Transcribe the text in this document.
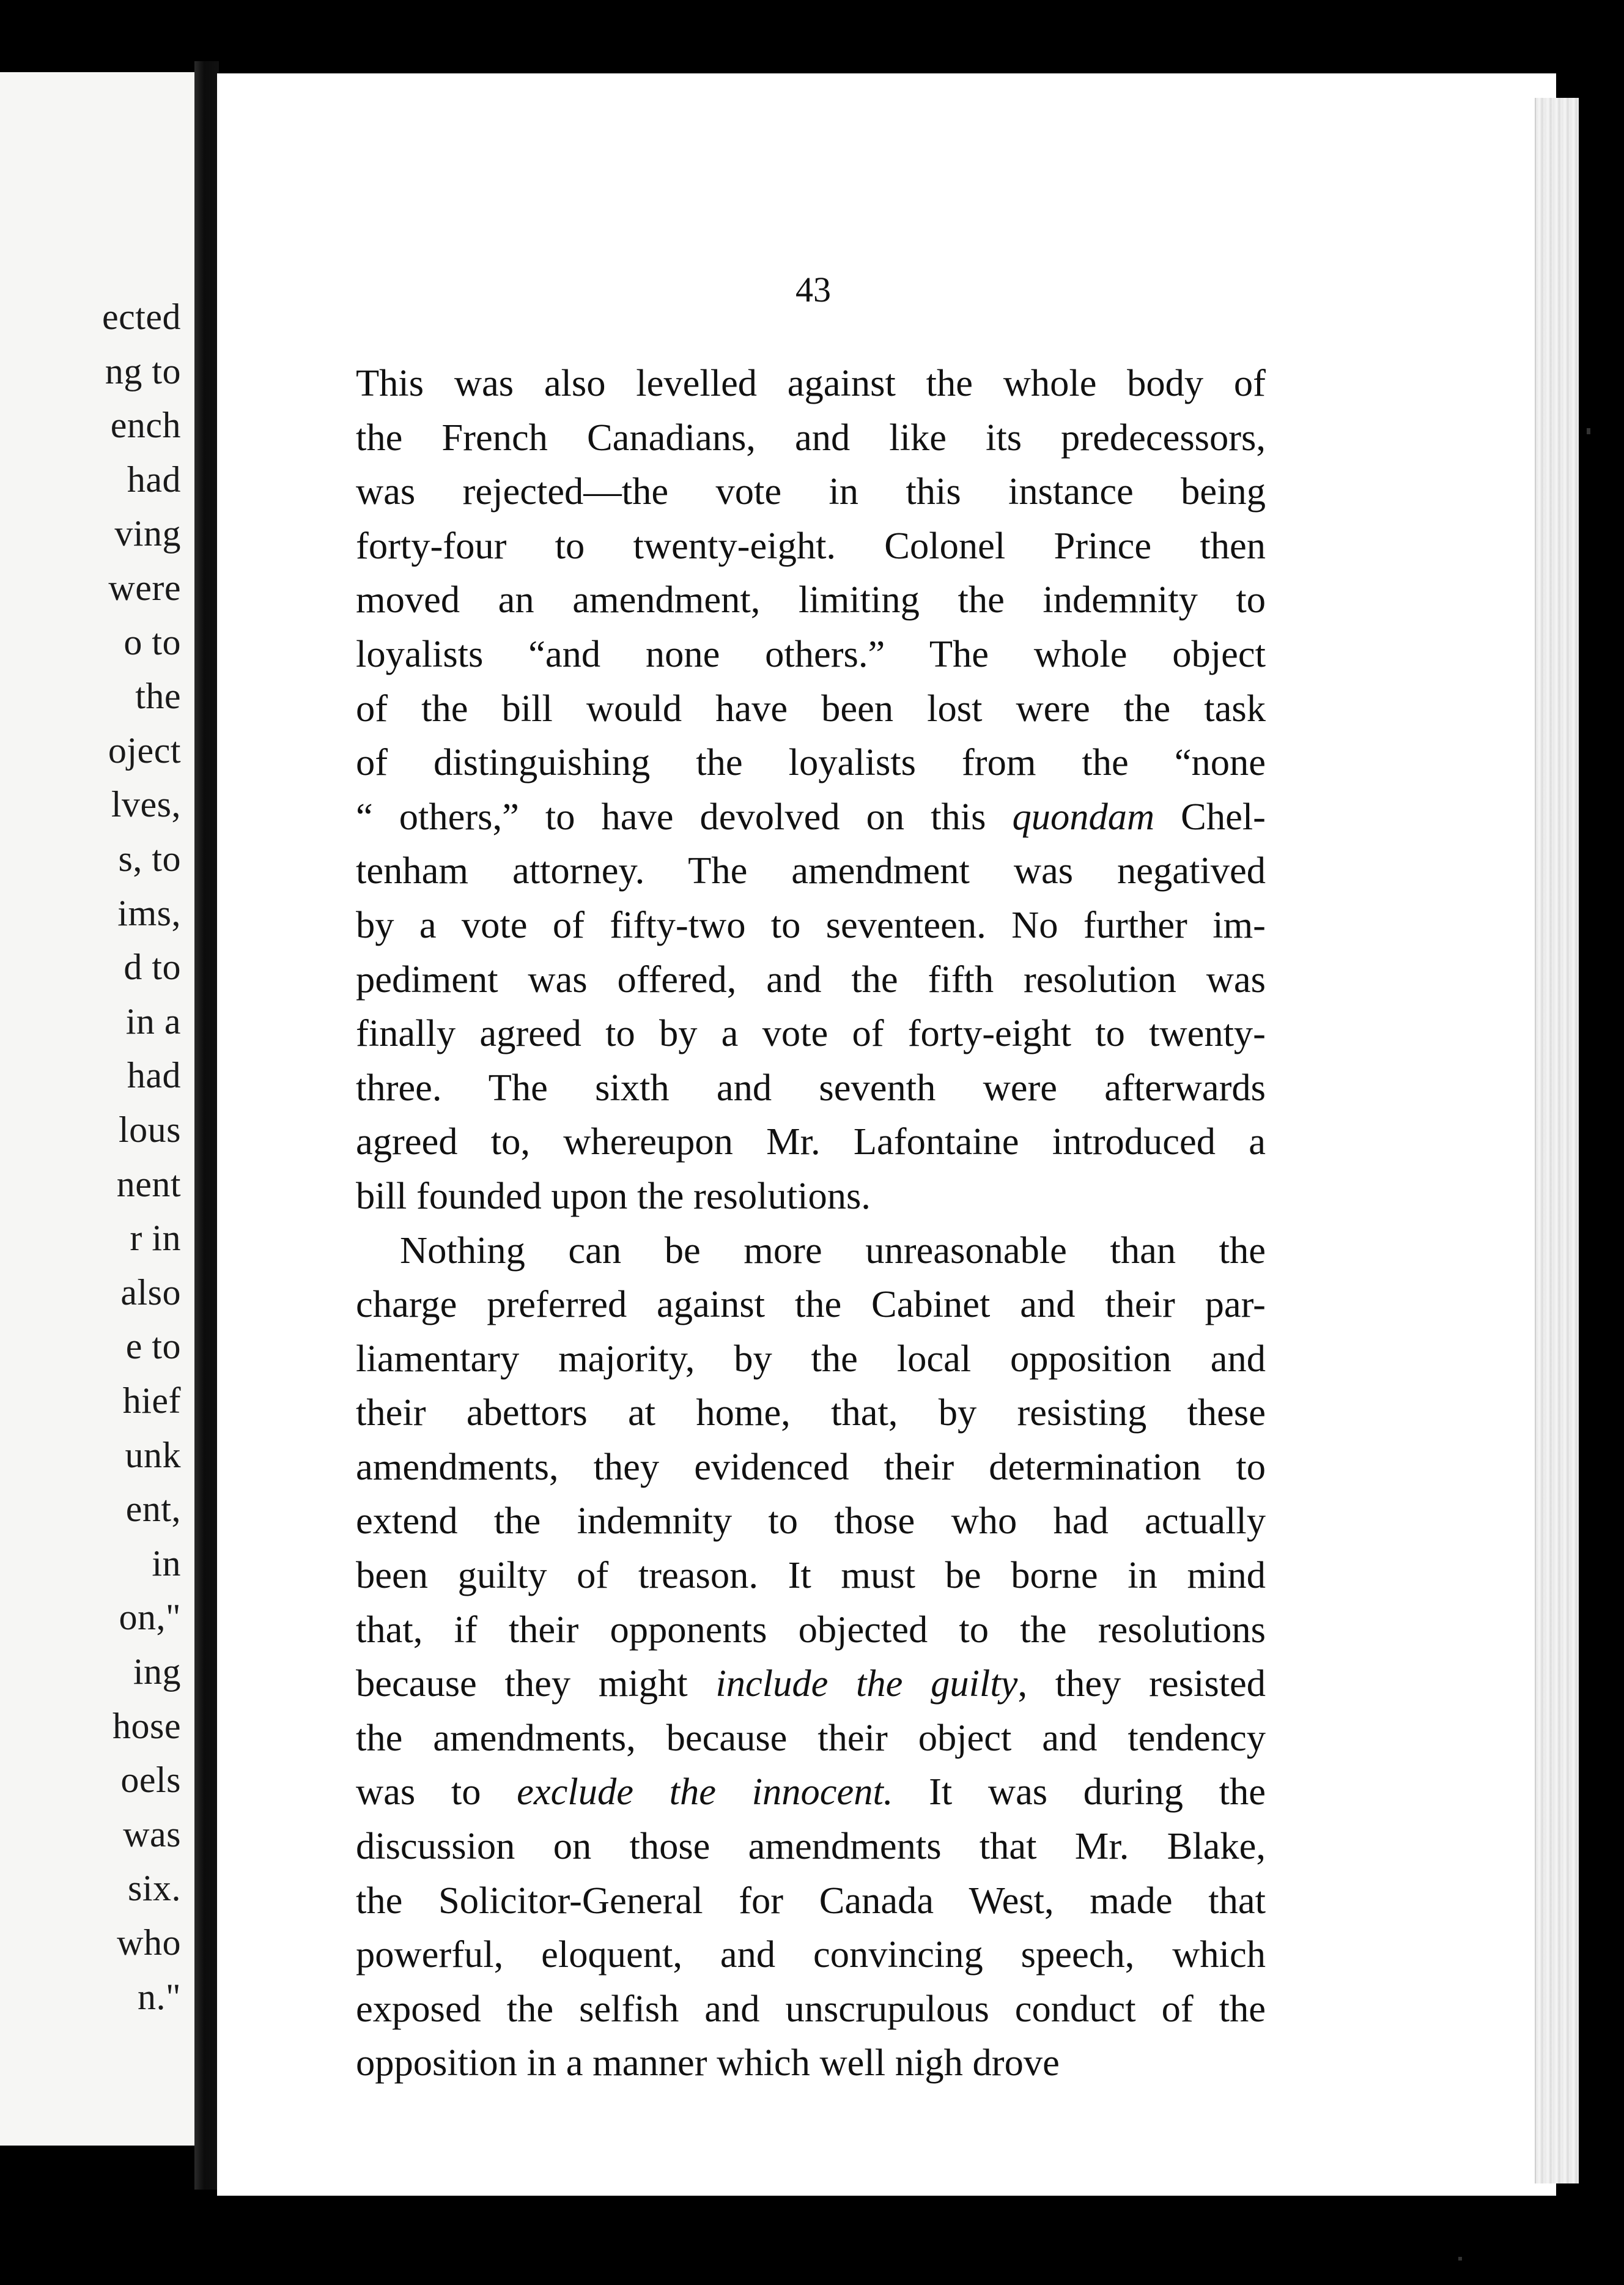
ected
ng to
ench
had
ving
were
o to
the
oject
lves,
s, to
ims,
d to
in a
had
lous
nent
r in
also
e to
hief
unk
ent,
in
on,"
ing
hose
oels
was
six.
who
n."
43
This was also levelled against the whole body of
the French Canadians, and like its predecessors,
was rejected—the vote in this instance being
forty-four to twenty-eight. Colonel Prince then
moved an amendment, limiting the indemnity to
loyalists “and none others.” The whole object
of the bill would have been lost were the task
of distinguishing the loyalists from the “none
“ others,” to have devolved on this quondam Chel-
tenham attorney. The amendment was negatived
by a vote of fifty-two to seventeen. No further im-
pediment was offered, and the fifth resolution was
finally agreed to by a vote of forty-eight to twenty-
three. The sixth and seventh were afterwards
agreed to, whereupon Mr. Lafontaine introduced a
bill founded upon the resolutions.
Nothing can be more unreasonable than the
charge preferred against the Cabinet and their par-
liamentary majority, by the local opposition and
their abettors at home, that, by resisting these
amendments, they evidenced their determination to
extend the indemnity to those who had actually
been guilty of treason. It must be borne in mind
that, if their opponents objected to the resolutions
because they might include the guilty, they resisted
the amendments, because their object and tendency
was to exclude the innocent. It was during the
discussion on those amendments that Mr. Blake,
the Solicitor-General for Canada West, made that
powerful, eloquent, and convincing speech, which
exposed the selfish and unscrupulous conduct of the
opposition in a manner which well nigh drove
